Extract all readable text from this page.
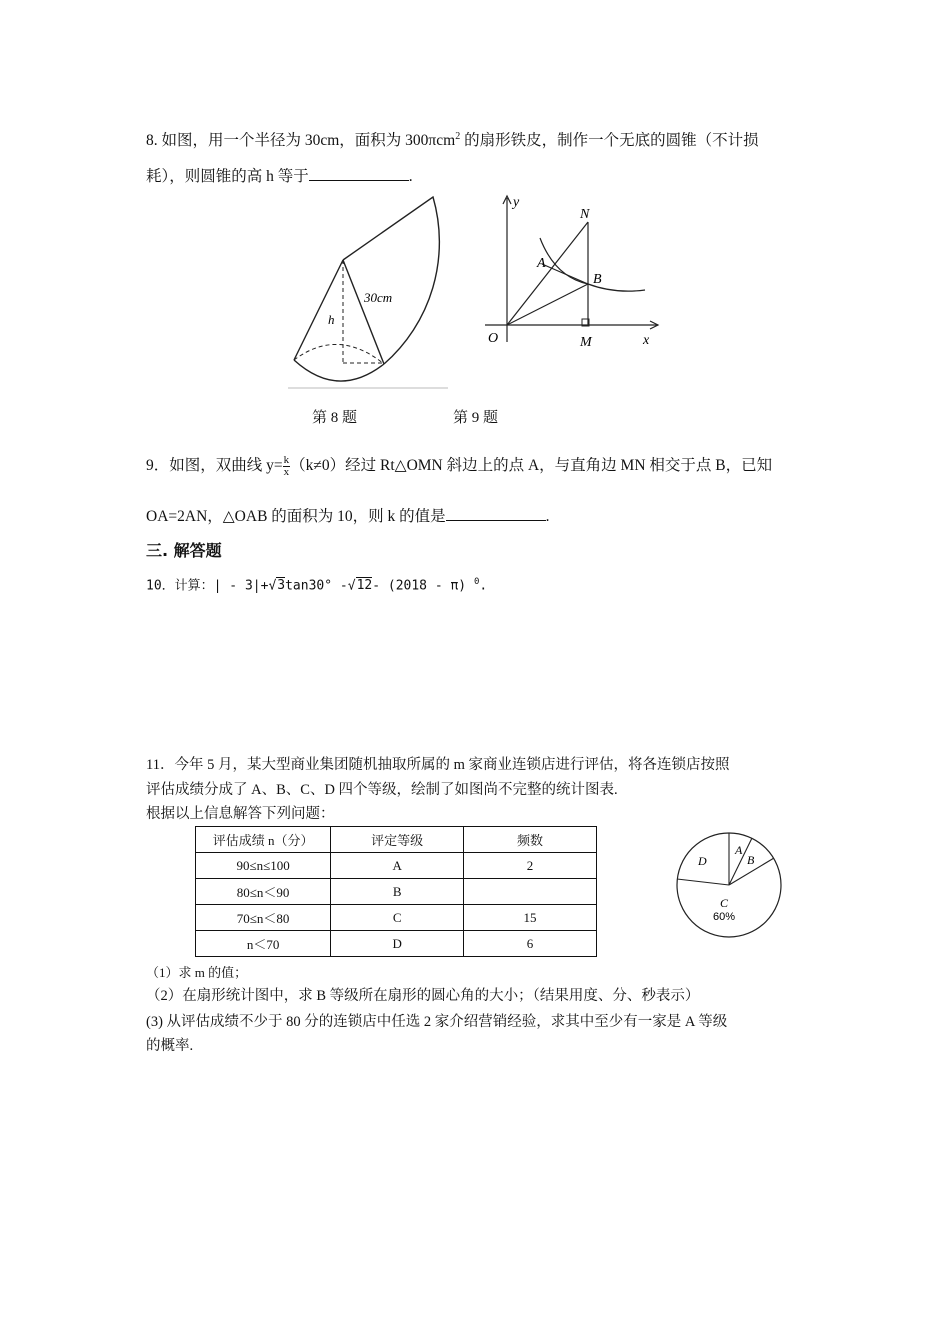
8. 如图，用一个半径为 30cm，面积为 300πcm$^2$ 的扇形铁皮，制作一个无底的圆锥（不计损
耗），则圆锥的高 h 等于	.
30cm
h
y
N
A
B
O	M	x
第 8 题	第 9 题
9．如图，双曲线 $y= \frac{k}{x} (k\ne 0)$经过 Rt△OMN 斜边上的点 A，与直角边 MN 相交于点 B，已知
OA=2AN，△OAB 的面积为 10，则 k 的值是	.
三. 解答题
10．计算：| - 3|+√3tan30° -√12- (2018 - π) $^0$.
11．今年 5 月，某大型商业集团随机抽取所属的 m 家商业连锁店进行评估，将各连锁店按照
评估成绩分成了 A、B、C、D 四个等级，绘制了如图尚不完整的统计图表.
根据以上信息解答下列问题：
评估成绩 n（分）	评定等级	频数
90≤n≤100	A	2
80≤n＜90	B	
70≤n＜80	C	15
n＜70	D	6
A
B
D
C
60%
（1）求 m 的值；
（2）在扇形统计图中，求 B 等级所在扇形的圆心角的大小；（结果用度、分、秒表示）
(3) 从评估成绩不少于 80 分的连锁店中任选 2 家介绍营销经验，求其中至少有一家是 A 等级
的概率.
